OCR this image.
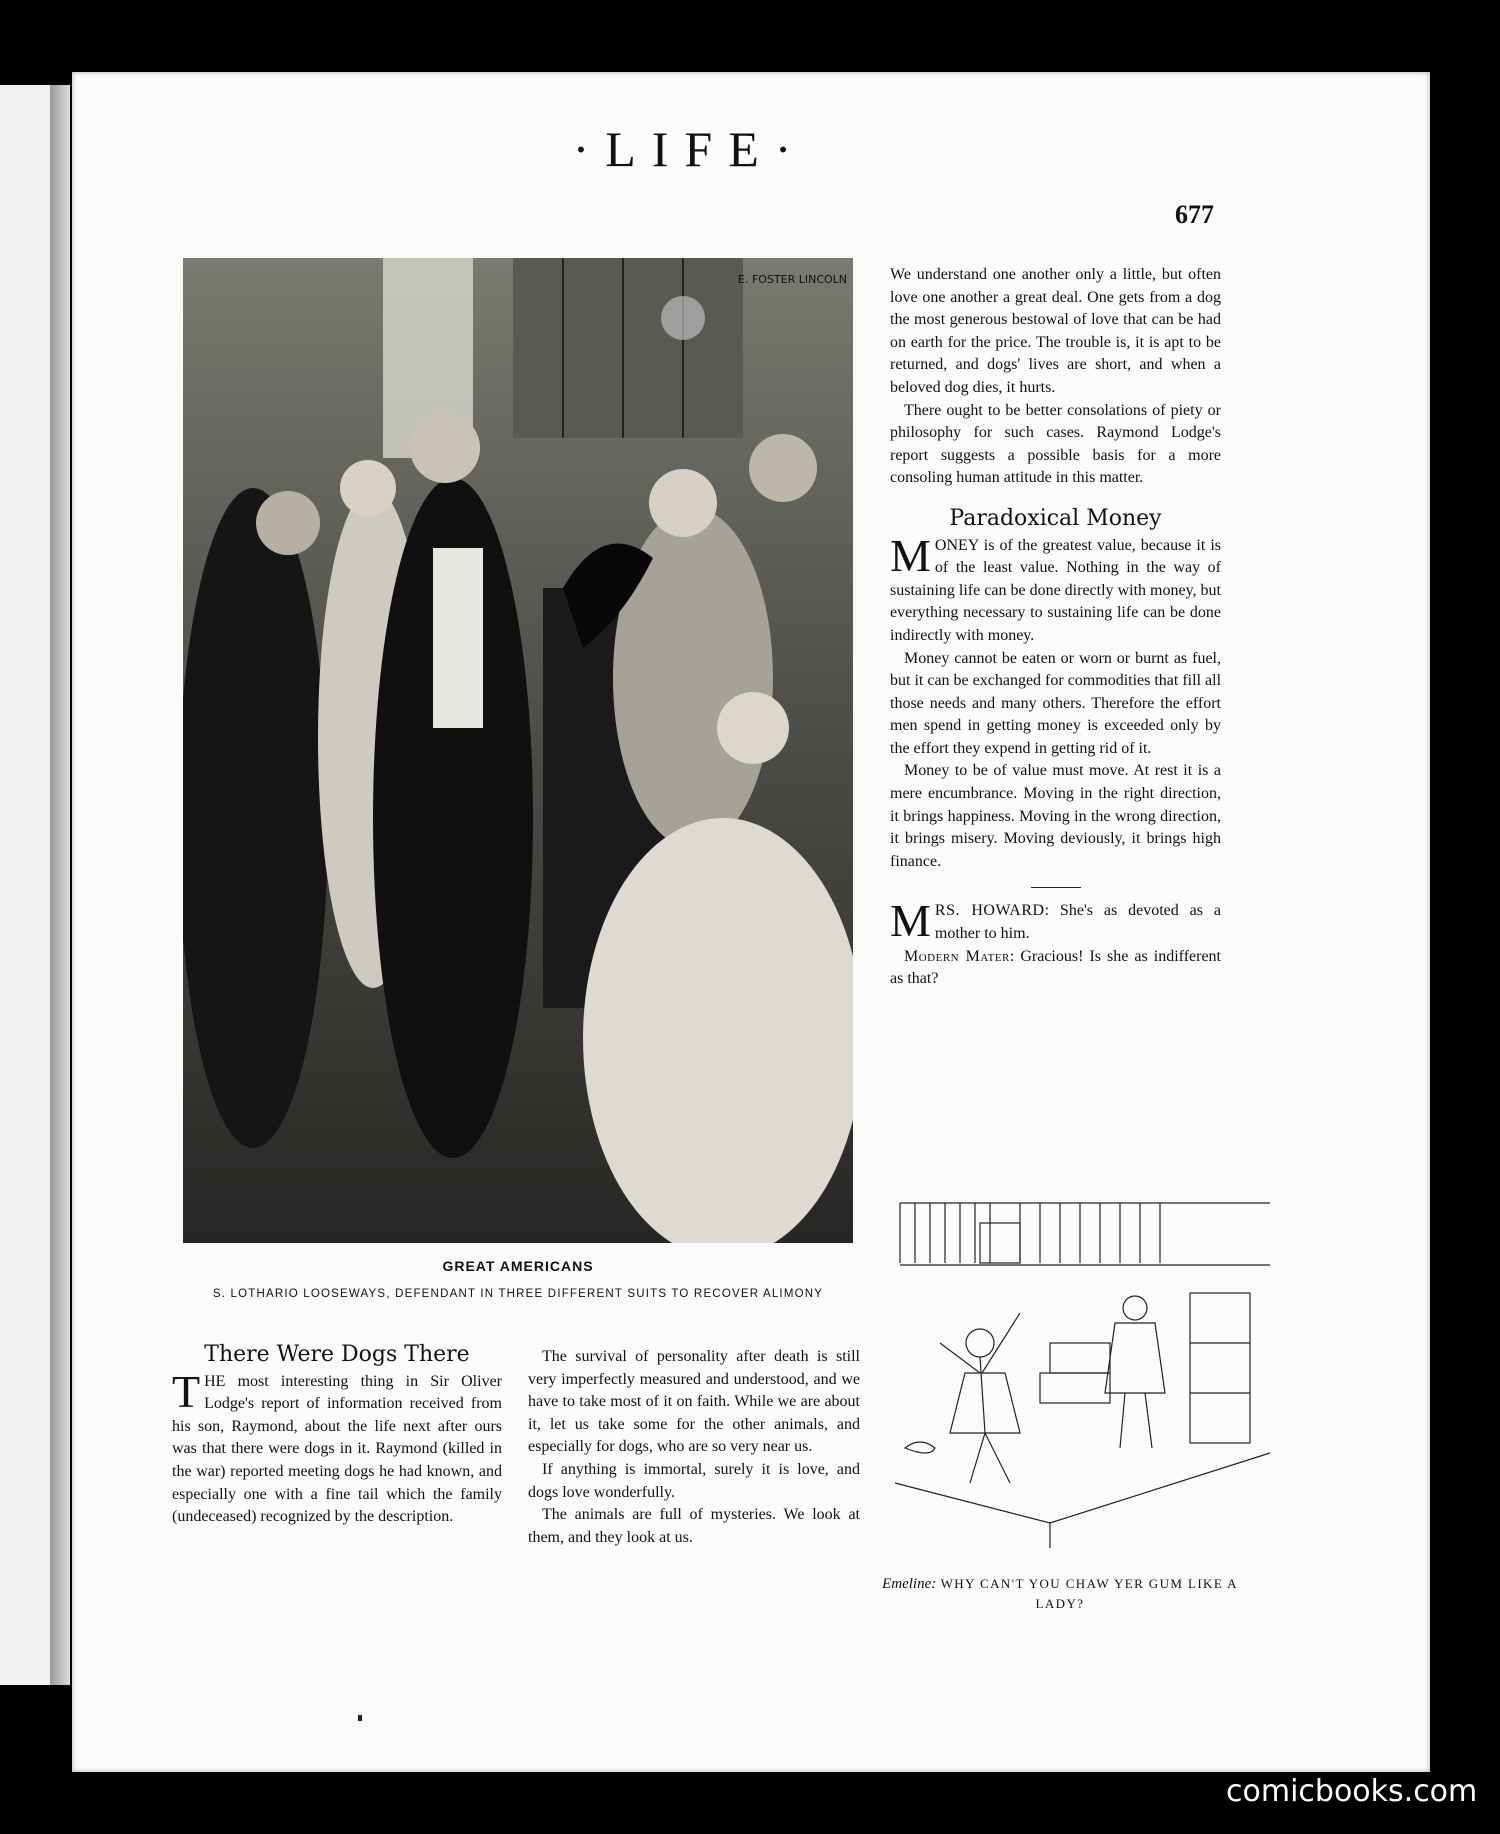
·LIFE·
677
E. FOSTER LINCOLN
GREAT AMERICANS
S. LOTHARIO LOOSEWAYS, DEFENDANT IN THREE DIFFERENT SUITS TO RECOVER ALIMONY
There Were Dogs There

THE most interesting thing in Sir Oliver Lodge's report of information received from his son, Raymond, about the life next after ours was that there were dogs in it. Raymond (killed in the war) reported meeting dogs he had known, and especially one with a fine tail which the family (undeceased) recognized by the description.

The survival of personality after death is still very imperfectly measured and understood, and we have to take most of it on faith. While we are about it, let us take some for the other animals, and especially for dogs, who are so very near us.

If anything is immortal, surely it is love, and dogs love wonderfully.

The animals are full of mysteries. We look at them, and they look at us.

We understand one another only a little, but often love one another a great deal. One gets from a dog the most generous bestowal of love that can be had on earth for the price. The trouble is, it is apt to be returned, and dogs' lives are short, and when a beloved dog dies, it hurts.

There ought to be better consolations of piety or philosophy for such cases. Raymond Lodge's report suggests a possible basis for a more consoling human attitude in this matter.

Paradoxical Money

MONEY is of the greatest value, because it is of the least value. Nothing in the way of sustaining life can be done directly with money, but everything necessary to sustaining life can be done indirectly with money.

Money cannot be eaten or worn or burnt as fuel, but it can be exchanged for commodities that fill all those needs and many others. Therefore the effort men spend in getting money is exceeded only by the effort they expend in getting rid of it.

Money to be of value must move. At rest it is a mere encumbrance. Moving in the right direction, it brings happiness. Moving in the wrong direction, it brings misery. Moving deviously, it brings high finance.

MRS. HOWARD: She's as devoted as a mother to him.

Modern Mater: Gracious! Is she as indifferent as that?

Emeline: WHY CAN'T YOU CHAW YER GUM LIKE A LADY?
comicbooks.com
